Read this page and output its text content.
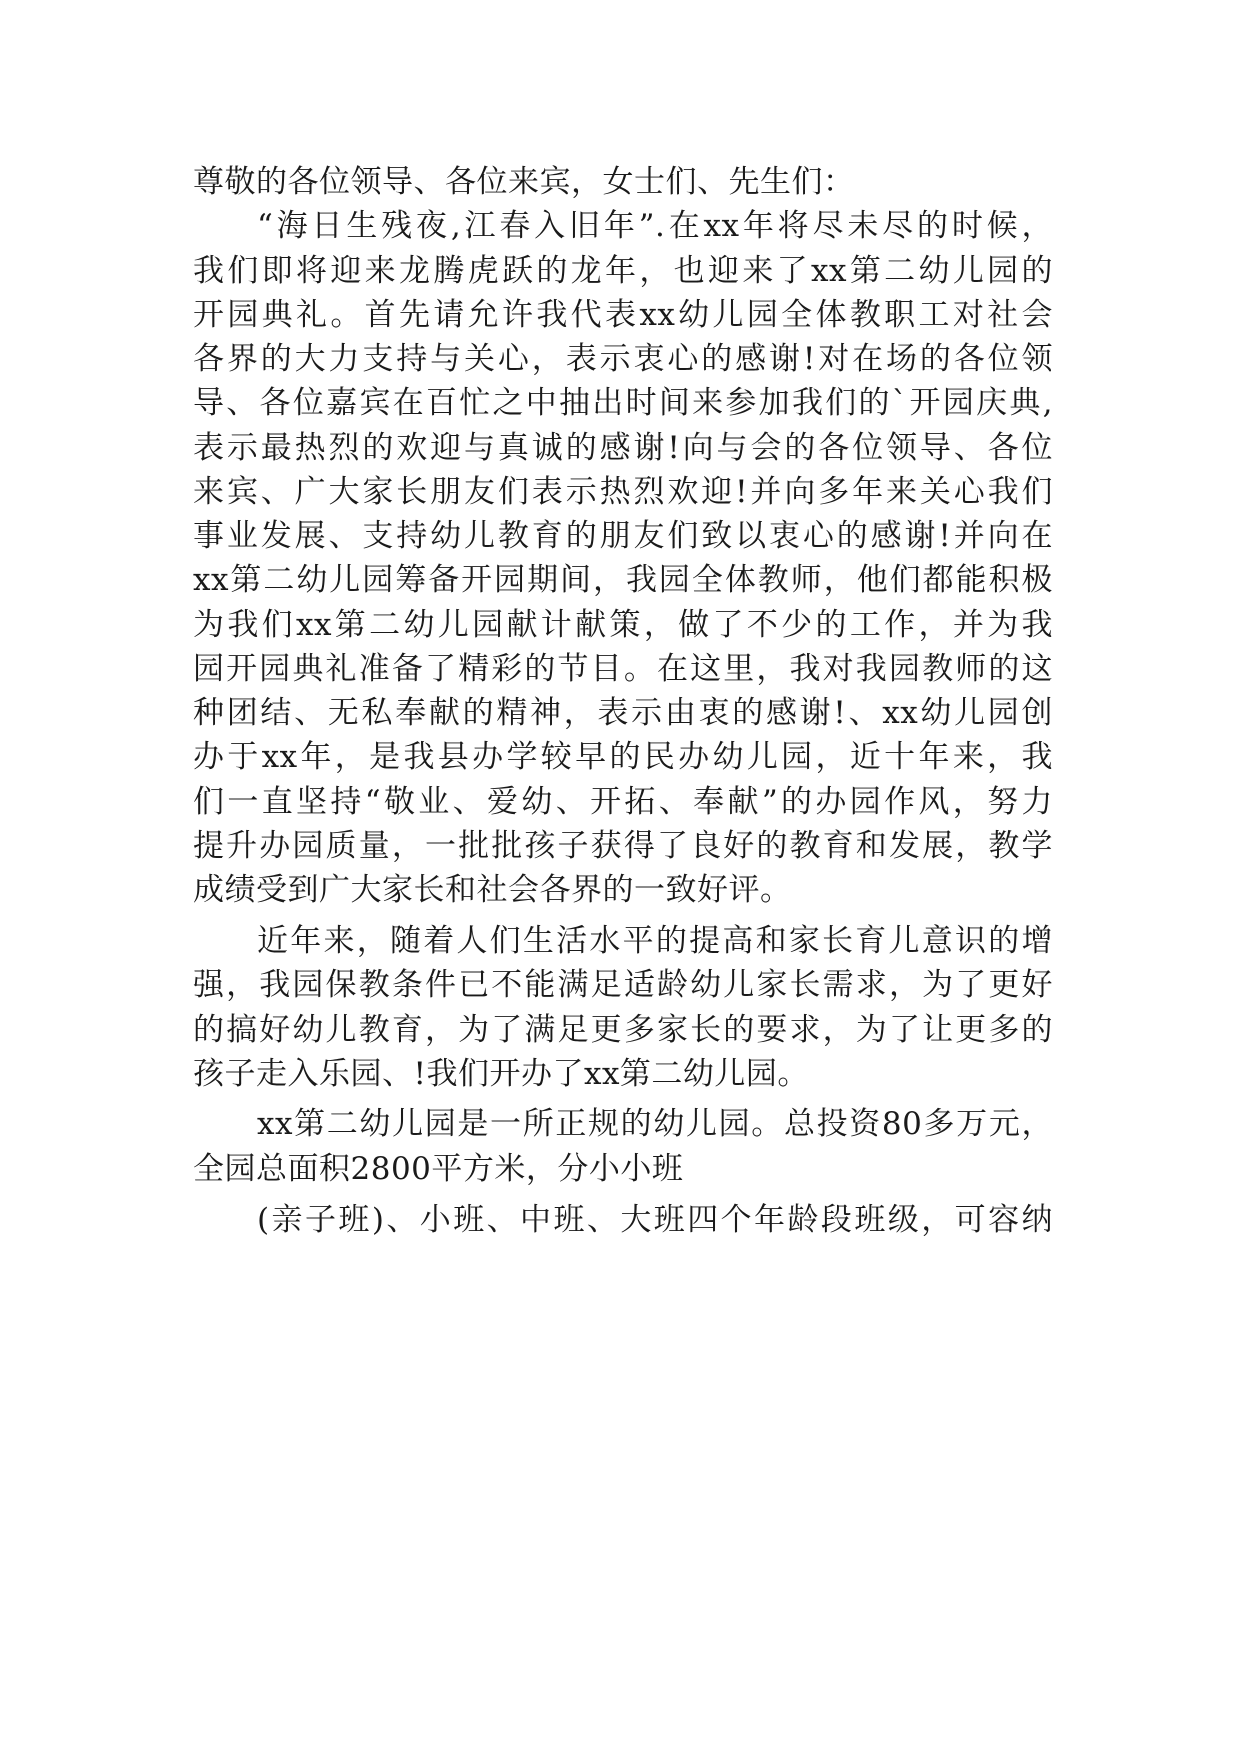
尊敬的各位领导、各位来宾，女士们、先生们：
“海日生残夜,江春入旧年”.在xx年将尽未尽的时候，
我们即将迎来龙腾虎跃的龙年，也迎来了xx第二幼儿园的
开园典礼。首先请允许我代表xx幼儿园全体教职工对社会
各界的大力支持与关心，表示衷心的感谢!对在场的各位领
导、各位嘉宾在百忙之中抽出时间来参加我们的`开园庆典,
表示最热烈的欢迎与真诚的感谢!向与会的各位领导、各位
来宾、广大家长朋友们表示热烈欢迎!并向多年来关心我们
事业发展、支持幼儿教育的朋友们致以衷心的感谢!并向在
xx第二幼儿园筹备开园期间，我园全体教师，他们都能积极
为我们xx第二幼儿园献计献策，做了不少的工作，并为我
园开园典礼准备了精彩的节目。在这里，我对我园教师的这
种团结、无私奉献的精神，表示由衷的感谢!、xx幼儿园创
办于xx年，是我县办学较早的民办幼儿园，近十年来，我
们一直坚持“敬业、爱幼、开拓、奉献”的办园作风，努力
提升办园质量，一批批孩子获得了良好的教育和发展，教学
成绩受到广大家长和社会各界的一致好评。
近年来，随着人们生活水平的提高和家长育儿意识的增
强，我园保教条件已不能满足适龄幼儿家长需求，为了更好
的搞好幼儿教育，为了满足更多家长的要求，为了让更多的
孩子走入乐园、!我们开办了xx第二幼儿园。
xx第二幼儿园是一所正规的幼儿园。总投资80多万元，
全园总面积2800平方米，分小小班
(亲子班)、小班、中班、大班四个年龄段班级，可容纳
